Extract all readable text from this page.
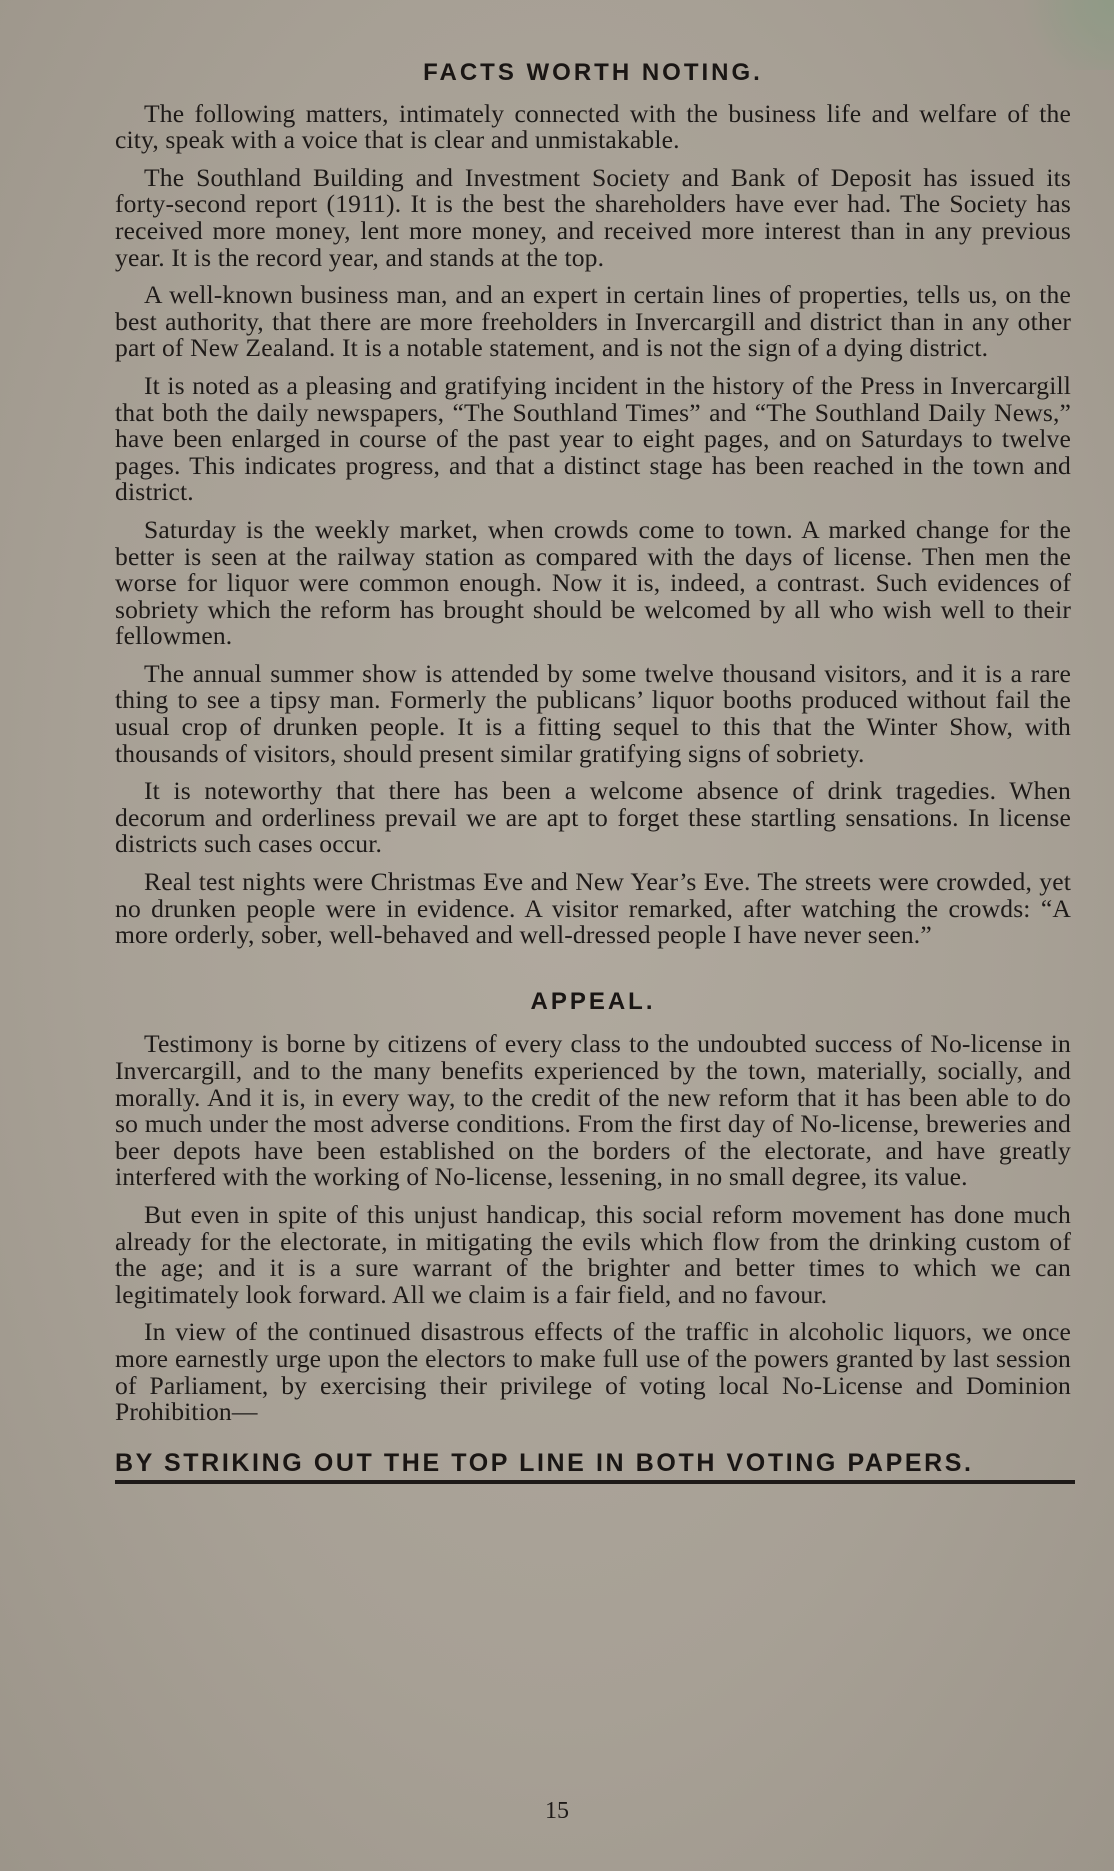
FACTS WORTH NOTING.

The following matters, intimately connected with the business life and welfare of the city, speak with a voice that is clear and unmistakable.

The Southland Building and Investment Society and Bank of Deposit has issued its forty-second report (1911). It is the best the shareholders have ever had. The Society has received more money, lent more money, and received more interest than in any previous year. It is the record year, and stands at the top.

A well-known business man, and an expert in certain lines of properties, tells us, on the best authority, that there are more freeholders in Invercargill and district than in any other part of New Zealand. It is a notable statement, and is not the sign of a dying district.

It is noted as a pleasing and gratifying incident in the history of the Press in Invercargill that both the daily newspapers, “The Southland Times” and “The Southland Daily News,” have been enlarged in course of the past year to eight pages, and on Saturdays to twelve pages. This indicates progress, and that a distinct stage has been reached in the town and district.

Saturday is the weekly market, when crowds come to town. A marked change for the better is seen at the railway station as compared with the days of license. Then men the worse for liquor were common enough. Now it is, indeed, a contrast. Such evidences of sobriety which the reform has brought should be welcomed by all who wish well to their fellowmen.

The annual summer show is attended by some twelve thousand visitors, and it is a rare thing to see a tipsy man. Formerly the publicans’ liquor booths produced without fail the usual crop of drunken people. It is a fitting sequel to this that the Winter Show, with thousands of visitors, should present similar gratifying signs of sobriety.

It is noteworthy that there has been a welcome absence of drink tragedies. When decorum and orderliness prevail we are apt to forget these startling sensations. In license districts such cases occur.

Real test nights were Christmas Eve and New Year’s Eve. The streets were crowded, yet no drunken people were in evidence. A visitor remarked, after watching the crowds: “A more orderly, sober, well-behaved and well-dressed people I have never seen.”

APPEAL.

Testimony is borne by citizens of every class to the undoubted success of No-license in Invercargill, and to the many benefits experienced by the town, materially, socially, and morally. And it is, in every way, to the credit of the new reform that it has been able to do so much under the most adverse conditions. From the first day of No-license, breweries and beer depots have been established on the borders of the electorate, and have greatly interfered with the working of No-license, lessening, in no small degree, its value.

But even in spite of this unjust handicap, this social reform movement has done much already for the electorate, in mitigating the evils which flow from the drinking custom of the age; and it is a sure warrant of the brighter and better times to which we can legitimately look forward. All we claim is a fair field, and no favour.

In view of the continued disastrous effects of the traffic in alcoholic liquors, we once more earnestly urge upon the electors to make full use of the powers granted by last session of Parliament, by exercising their privilege of voting local No-License and Dominion Prohibition—

BY STRIKING OUT THE TOP LINE IN BOTH VOTING PAPERS.
15
